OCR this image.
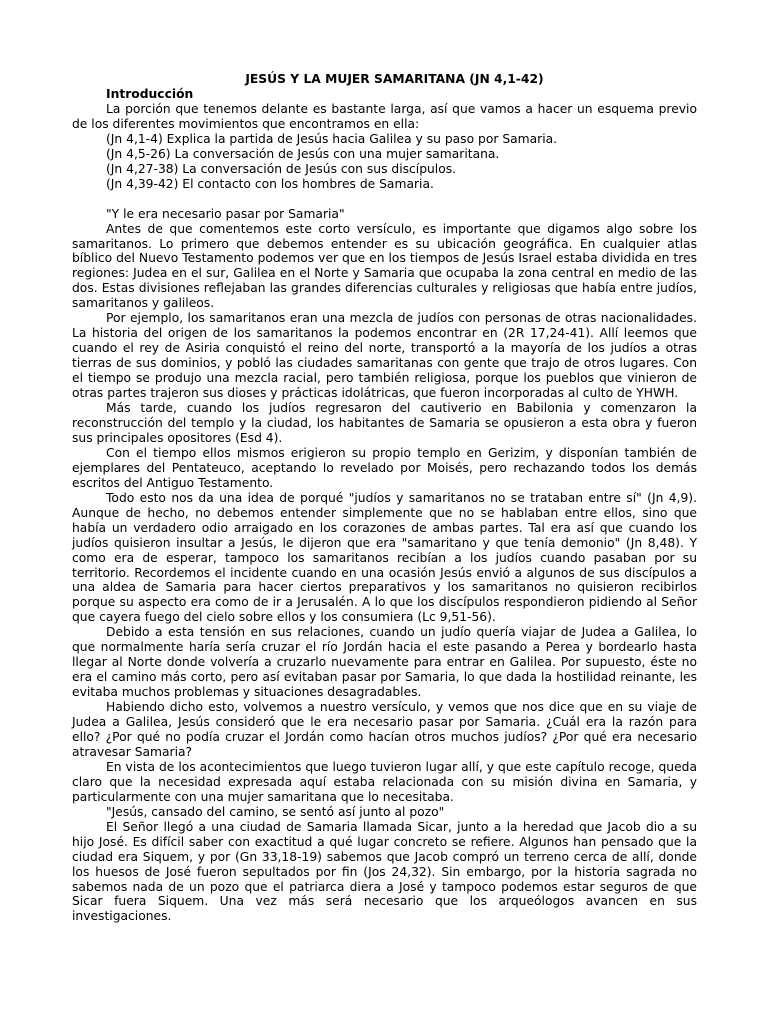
JESÚS Y LA MUJER SAMARITANA (JN 4,1-42)

Introducción

La porción que tenemos delante es bastante larga, así que vamos a hacer un esquema previo de los diferentes movimientos que encontramos en ella:

(Jn 4,1-4) Explica la partida de Jesús hacia Galilea y su paso por Samaria.

(Jn 4,5-26) La conversación de Jesús con una mujer samaritana.

(Jn 4,27-38) La conversación de Jesús con sus discípulos.

(Jn 4,39-42) El contacto con los hombres de Samaria.

"Y le era necesario pasar por Samaria"

Antes de que comentemos este corto versículo, es importante que digamos algo sobre los samaritanos. Lo primero que debemos entender es su ubicación geográfica. En cualquier atlas bíblico del Nuevo Testamento podemos ver que en los tiempos de Jesús Israel estaba dividida en tres regiones: Judea en el sur, Galilea en el Norte y Samaria que ocupaba la zona central en medio de las dos. Estas divisiones reflejaban las grandes diferencias culturales y religiosas que había entre judíos, samaritanos y galileos.

Por ejemplo, los samaritanos eran una mezcla de judíos con personas de otras nacionalidades. La historia del origen de los samaritanos la podemos encontrar en (2R 17,24-41). Allí leemos que cuando el rey de Asiria conquistó el reino del norte, transportó a la mayoría de los judíos a otras tierras de sus dominios, y pobló las ciudades samaritanas con gente que trajo de otros lugares. Con el tiempo se produjo una mezcla racial, pero también religiosa, porque los pueblos que vinieron de otras partes trajeron sus dioses y prácticas idolátricas, que fueron incorporadas al culto de YHWH.

Más tarde, cuando los judíos regresaron del cautiverio en Babilonia y comenzaron la reconstrucción del templo y la ciudad, los habitantes de Samaria se opusieron a esta obra y fueron sus principales opositores (Esd 4).

Con el tiempo ellos mismos erigieron su propio templo en Gerizim, y disponían también de ejemplares del Pentateuco, aceptando lo revelado por Moisés, pero rechazando todos los demás escritos del Antiguo Testamento.

Todo esto nos da una idea de porqué "judíos y samaritanos no se trataban entre sí" (Jn 4,9). Aunque de hecho, no debemos entender simplemente que no se hablaban entre ellos, sino que había un verdadero odio arraigado en los corazones de ambas partes. Tal era así que cuando los judíos quisieron insultar a Jesús, le dijeron que era "samaritano y que tenía demonio" (Jn 8,48). Y como era de esperar, tampoco los samaritanos recibían a los judíos cuando pasaban por su territorio. Recordemos el incidente cuando en una ocasión Jesús envió a algunos de sus discípulos a una aldea de Samaria para hacer ciertos preparativos y los samaritanos no quisieron recibirlos porque su aspecto era como de ir a Jerusalén. A lo que los discípulos respondieron pidiendo al Señor que cayera fuego del cielo sobre ellos y los consumiera (Lc 9,51-56).

Debido a esta tensión en sus relaciones, cuando un judío quería viajar de Judea a Galilea, lo que normalmente haría sería cruzar el río Jordán hacia el este pasando a Perea y bordearlo hasta llegar al Norte donde volvería a cruzarlo nuevamente para entrar en Galilea. Por supuesto, éste no era el camino más corto, pero así evitaban pasar por Samaria, lo que dada la hostilidad reinante, les evitaba muchos problemas y situaciones desagradables.

Habiendo dicho esto, volvemos a nuestro versículo, y vemos que nos dice que en su viaje de Judea a Galilea, Jesús consideró que le era necesario pasar por Samaria. ¿Cuál era la razón para ello? ¿Por qué no podía cruzar el Jordán como hacían otros muchos judíos? ¿Por qué era necesario atravesar Samaria?

En vista de los acontecimientos que luego tuvieron lugar allí, y que este capítulo recoge, queda claro que la necesidad expresada aquí estaba relacionada con su misión divina en Samaria, y particularmente con una mujer samaritana que lo necesitaba.

"Jesús, cansado del camino, se sentó así junto al pozo"

El Señor llegó a una ciudad de Samaria llamada Sicar, junto a la heredad que Jacob dio a su hijo José. Es difícil saber con exactitud a qué lugar concreto se refiere. Algunos han pensado que la ciudad era Siquem, y por (Gn 33,18-19) sabemos que Jacob compró un terreno cerca de allí, donde los huesos de José fueron sepultados por fin (Jos 24,32). Sin embargo, por la historia sagrada no sabemos nada de un pozo que el patriarca diera a José y tampoco podemos estar seguros de que Sicar fuera Siquem. Una vez más será necesario que los arqueólogos avancen en sus investigaciones.
